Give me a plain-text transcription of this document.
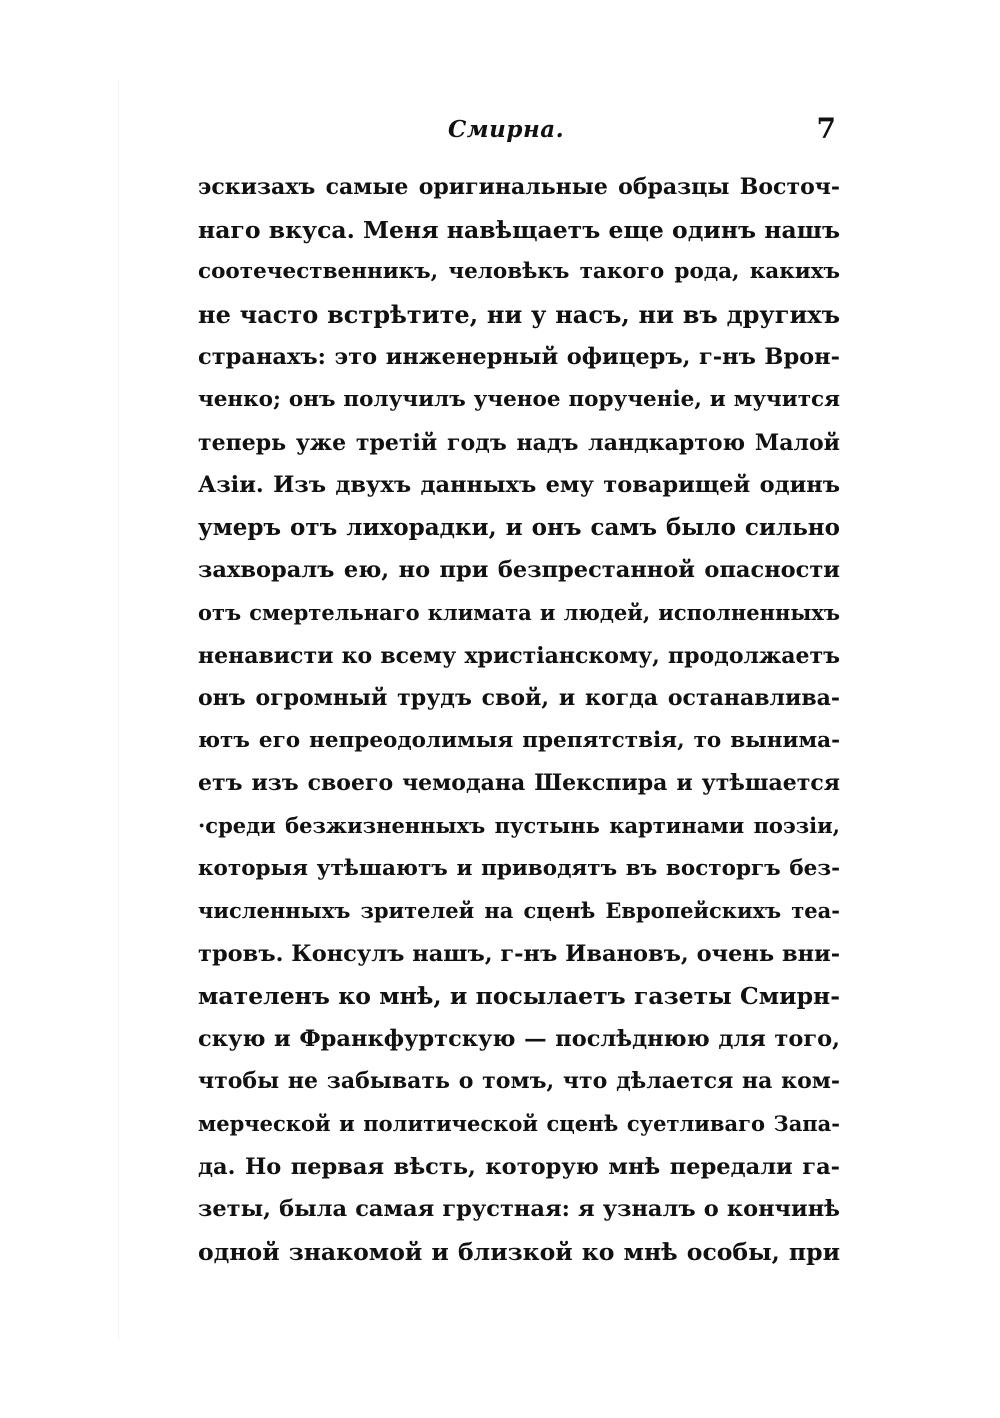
Смирна.	7
эскизахъ самые оригинальные образцы Восточ-
наго вкуса. Меня навѣщаетъ еще одинъ нашъ
соотечественникъ, человѣкъ такого рода, какихъ
не часто встрѣтите, ни у насъ, ни въ другихъ
странахъ: это инженерный офицеръ, г-нъ Врон-
ченко; онъ получилъ ученое порученіе, и мучится
теперь уже третій годъ надъ ландкартою Малой
Азіи. Изъ двухъ данныхъ ему товарищей одинъ
умеръ отъ лихорадки, и онъ самъ было сильно
захворалъ ею, но при безпрестанной опасности
отъ смертельнаго климата и людей, исполненныхъ
ненависти ко всему христіанскому, продолжаетъ
онъ огромный трудъ свой, и когда останавлива-
ютъ его непреодолимыя препятствія, то вынима-
етъ изъ своего чемодана Шекспира и утѣшается
·среди безжизненныхъ пустынь картинами поэзіи,
которыя утѣшаютъ и приводятъ въ восторгъ без-
численныхъ зрителей на сценѣ Европейскихъ теа-
тровъ. Консулъ нашъ, г-нъ Ивановъ, очень вни-
мателенъ ко мнѣ, и посылаетъ газеты Смирн-
скую и Франкфуртскую — послѣднюю для того,
чтобы не забывать о томъ, что дѣлается на ком-
мерческой и политической сценѣ суетливаго Запа-
да. Но первая вѣсть, которую мнѣ передали га-
зеты, была самая грустная: я узналъ о кончинѣ
одной знакомой и близкой ко мнѣ особы, при
